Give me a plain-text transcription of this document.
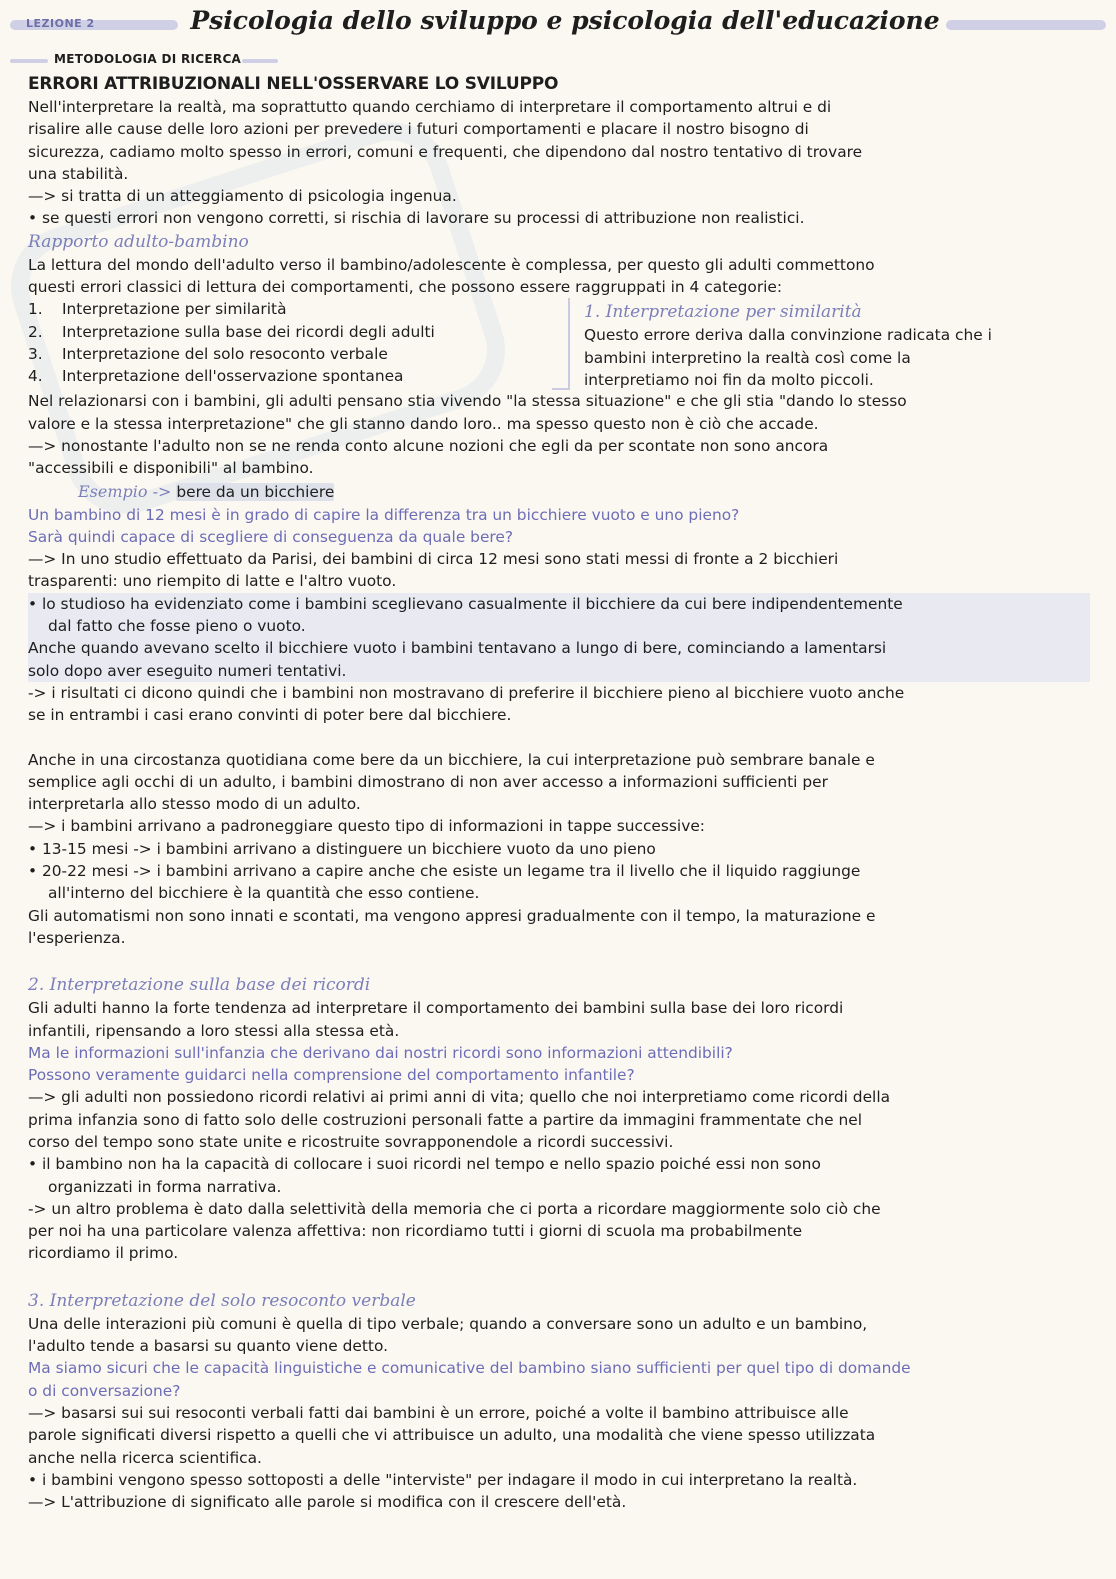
LEZIONE 2	Psicologia dello sviluppo e psicologia dell'educazione
METODOLOGIA DI RICERCA
ERRORI ATTRIBUZIONALI NELL'OSSERVARE LO SVILUPPO
Nell'interpretare la realtà, ma soprattutto quando cerchiamo di interpretare il comportamento altrui e di
risalire alle cause delle loro azioni per prevedere i futuri comportamenti e placare il nostro bisogno di
sicurezza, cadiamo molto spesso in errori, comuni e frequenti, che dipendono dal nostro tentativo di trovare
una stabilità.
—> si tratta di un atteggiamento di psicologia ingenua.
• se questi errori non vengono corretti, si rischia di lavorare su processi di attribuzione non realistici.
Rapporto adulto-bambino
La lettura del mondo dell'adulto verso il bambino/adolescente è complessa, per questo gli adulti commettono
questi errori classici di lettura dei comportamenti, che possono essere raggruppati in 4 categorie:
1. Interpretazione per similarità
2. Interpretazione sulla base dei ricordi degli adulti
3. Interpretazione del solo resoconto verbale
4. Interpretazione dell'osservazione spontanea
1. Interpretazione per similarità
Questo errore deriva dalla convinzione radicata che i
bambini interpretino la realtà così come la
interpretiamo noi fin da molto piccoli.
Nel relazionarsi con i bambini, gli adulti pensano stia vivendo "la stessa situazione" e che gli stia "dando lo stesso
valore e la stessa interpretazione" che gli stanno dando loro.. ma spesso questo non è ciò che accade.
—> nonostante l'adulto non se ne renda conto alcune nozioni che egli da per scontate non sono ancora
"accessibili e disponibili" al bambino.
Esempio -> bere da un bicchiere
Un bambino di 12 mesi è in grado di capire la differenza tra un bicchiere vuoto e uno pieno?
Sarà quindi capace di scegliere di conseguenza da quale bere?
—> In uno studio effettuato da Parisi, dei bambini di circa 12 mesi sono stati messi di fronte a 2 bicchieri
trasparenti: uno riempito di latte e l'altro vuoto.
• lo studioso ha evidenziato come i bambini sceglievano casualmente il bicchiere da cui bere indipendentemente
dal fatto che fosse pieno o vuoto.
Anche quando avevano scelto il bicchiere vuoto i bambini tentavano a lungo di bere, cominciando a lamentarsi
solo dopo aver eseguito numeri tentativi.
-> i risultati ci dicono quindi che i bambini non mostravano di preferire il bicchiere pieno al bicchiere vuoto anche
se in entrambi i casi erano convinti di poter bere dal bicchiere.
Anche in una circostanza quotidiana come bere da un bicchiere, la cui interpretazione può sembrare banale e
semplice agli occhi di un adulto, i bambini dimostrano di non aver accesso a informazioni sufficienti per
interpretarla allo stesso modo di un adulto.
—> i bambini arrivano a padroneggiare questo tipo di informazioni in tappe successive:
• 13-15 mesi -> i bambini arrivano a distinguere un bicchiere vuoto da uno pieno
• 20-22 mesi -> i bambini arrivano a capire anche che esiste un legame tra il livello che il liquido raggiunge
all'interno del bicchiere è la quantità che esso contiene.
Gli automatismi non sono innati e scontati, ma vengono appresi gradualmente con il tempo, la maturazione e
l'esperienza.
2. Interpretazione sulla base dei ricordi
Gli adulti hanno la forte tendenza ad interpretare il comportamento dei bambini sulla base dei loro ricordi
infantili, ripensando a loro stessi alla stessa età.
Ma le informazioni sull'infanzia che derivano dai nostri ricordi sono informazioni attendibili?
Possono veramente guidarci nella comprensione del comportamento infantile?
—> gli adulti non possiedono ricordi relativi ai primi anni di vita; quello che noi interpretiamo come ricordi della
prima infanzia sono di fatto solo delle costruzioni personali fatte a partire da immagini frammentate che nel
corso del tempo sono state unite e ricostruite sovrapponendole a ricordi successivi.
• il bambino non ha la capacità di collocare i suoi ricordi nel tempo e nello spazio poiché essi non sono
organizzati in forma narrativa.
-> un altro problema è dato dalla selettività della memoria che ci porta a ricordare maggiormente solo ciò che
per noi ha una particolare valenza affettiva: non ricordiamo tutti i giorni di scuola ma probabilmente
ricordiamo il primo.
3. Interpretazione del solo resoconto verbale
Una delle interazioni più comuni è quella di tipo verbale; quando a conversare sono un adulto e un bambino,
l'adulto tende a basarsi su quanto viene detto.
Ma siamo sicuri che le capacità linguistiche e comunicative del bambino siano sufficienti per quel tipo di domande
o di conversazione?
—> basarsi sui sui resoconti verbali fatti dai bambini è un errore, poiché a volte il bambino attribuisce alle
parole significati diversi rispetto a quelli che vi attribuisce un adulto, una modalità che viene spesso utilizzata
anche nella ricerca scientifica.
• i bambini vengono spesso sottoposti a delle "interviste" per indagare il modo in cui interpretano la realtà.
—> L'attribuzione di significato alle parole si modifica con il crescere dell'età.
